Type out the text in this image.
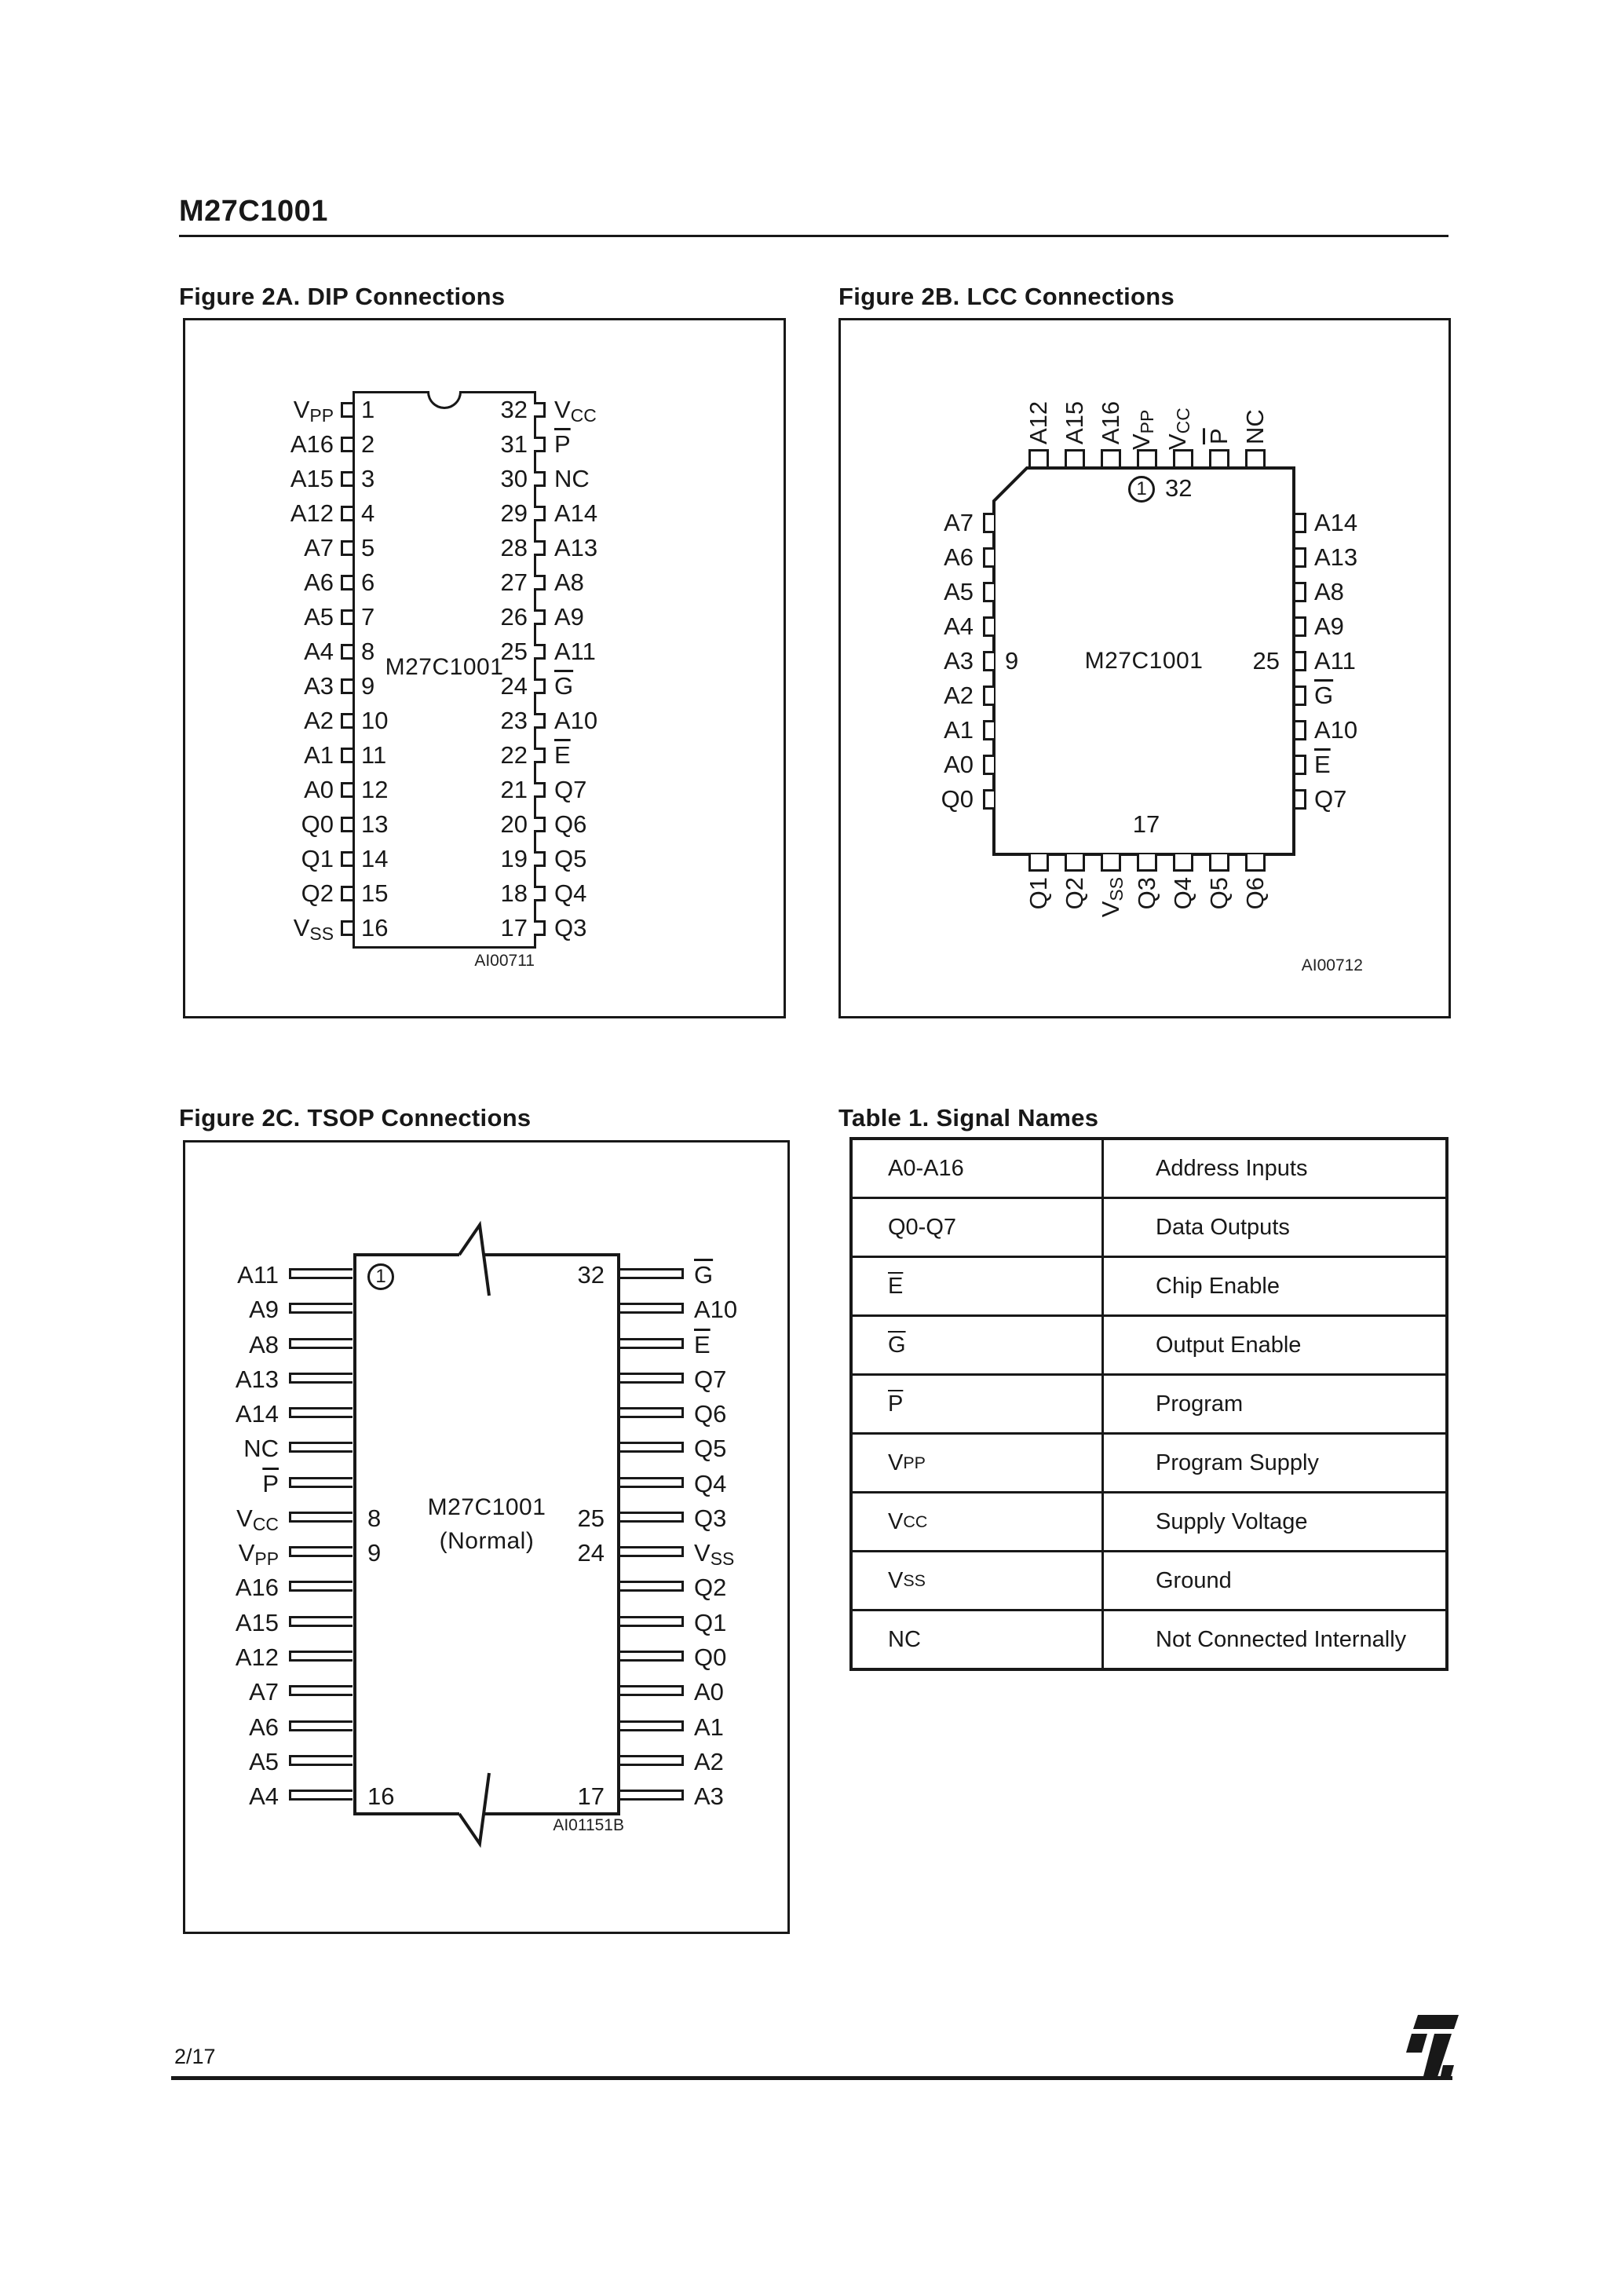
M27C1001
Figure 2A. DIP Connections	Figure 2B. LCC Connections
Figure 2C. TSOP Connections	Table 1. Signal Names
M27C1001
AI00711
M27C1001
AI00712
M27C1001
(Normal)
AI01151B
A0-A16	Address Inputs
Q0-Q7	Data Outputs
$\overline{E}$	Chip Enable
$\overline{G}$	Output Enable
$\overline{P}$	Program
V PP	Program Supply
V CC	Supply Voltage
V SS	Ground
NC	Not Connected Internally
2/17
$V_{PP}$ 1	32 $V_{CC}$
A16 2	31 $\overline{P}$
A15 3	30 NC
A12 4	29 A14
A7 5	28 A13
A6 6	27 A8
A5 7	26 A9
A4 8	25 A11
A3 9	24 $\overline{G}$
A2 10	23 A10
A1 11	22 $\overline{E}$
A0 12	21 Q7
Q0 13	20 Q6
Q1 14	19 Q5
Q2 15	18 Q4
$V_{SS}$ 16	17 Q3
A12
Q1
A15
Q2
A16
$V_{SS}$
$V_{PP}$
Q3
$V_{CC}$
Q4
$\overline{P}$
Q5
NC
Q6
A7	A14
A6	A13
A5	A8
A4	A9
A3	A11
A2	$\overline{G}$
A1	A10
A0	$\overline{E}$
Q0	Q7
1 32
9	25
17
A11	$\overline{G}$
A9	A10
A8	$\overline{E}$
A13	Q7
A14	Q6
NC	Q5
$\overline{P}$	Q4
$V_{CC}$	Q3
$V_{PP}$	$V_{SS}$
A16	Q2
A15	Q1
A12	Q0
A7	A0
A6	A1
A5	A2
A4	A3
1
8
9
16
32
25
24
17
